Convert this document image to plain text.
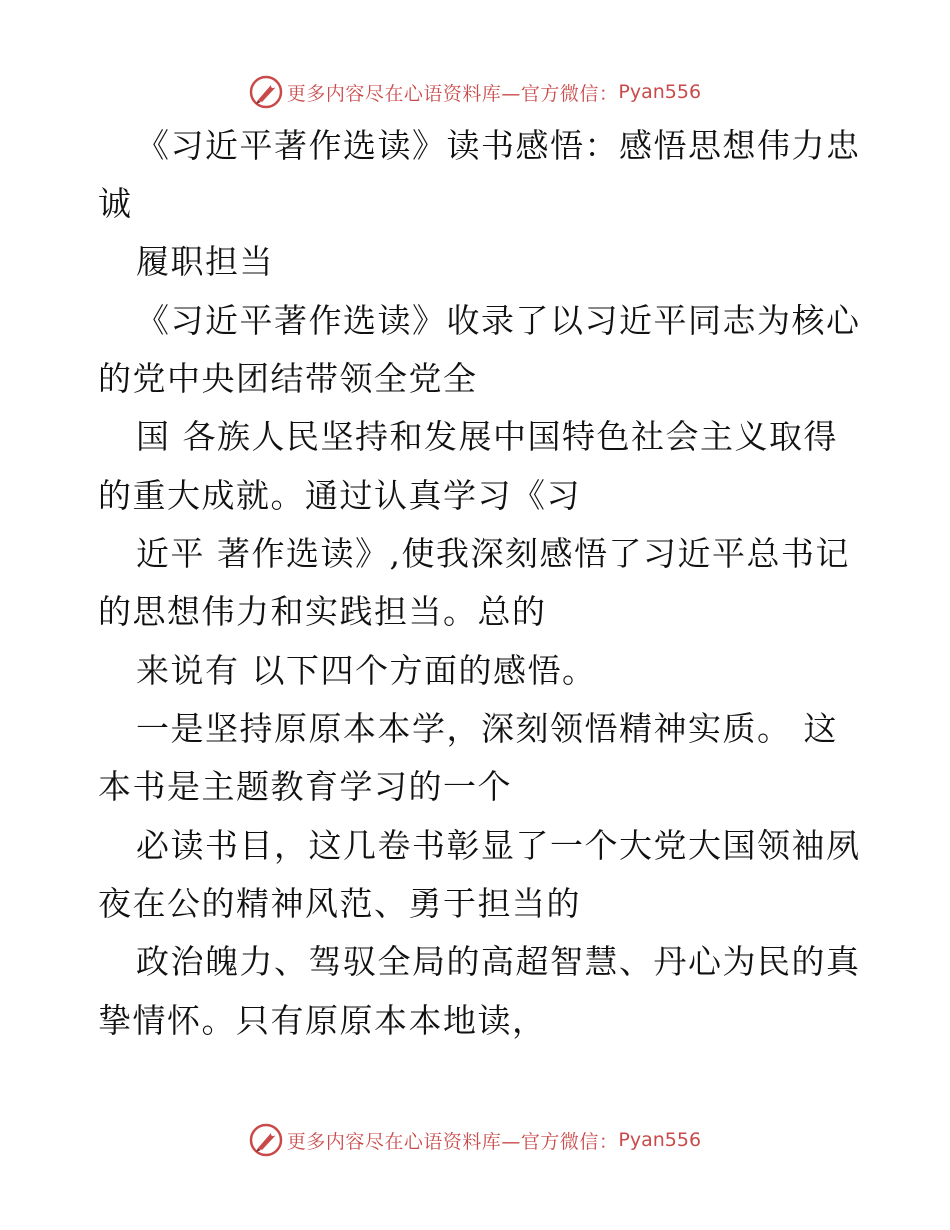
更多内容尽在心语资料库—官方微信： Pyan556
《习近平著作选读》读书感悟：感悟思想伟力忠
诚
履职担当
《习近平著作选读》收录了以习近平同志为核心
的党中央团结带领全党全
国 各族人民坚持和发展中国特色社会主义取得
的重大成就。通过认真学习《习
近平 著作选读》,使我深刻感悟了习近平总书记
的思想伟力和实践担当。总的
来说有 以下四个方面的感悟。
一是坚持原原本本学，深刻领悟精神实质。 这
本书是主题教育学习的一个
必读书目，这几卷书彰显了一个大党大国领袖夙
夜在公的精神风范、勇于担当的
政治魄力、驾驭全局的高超智慧、丹心为民的真
挚情怀。只有原原本本地读，
更多内容尽在心语资料库—官方微信： Pyan556
